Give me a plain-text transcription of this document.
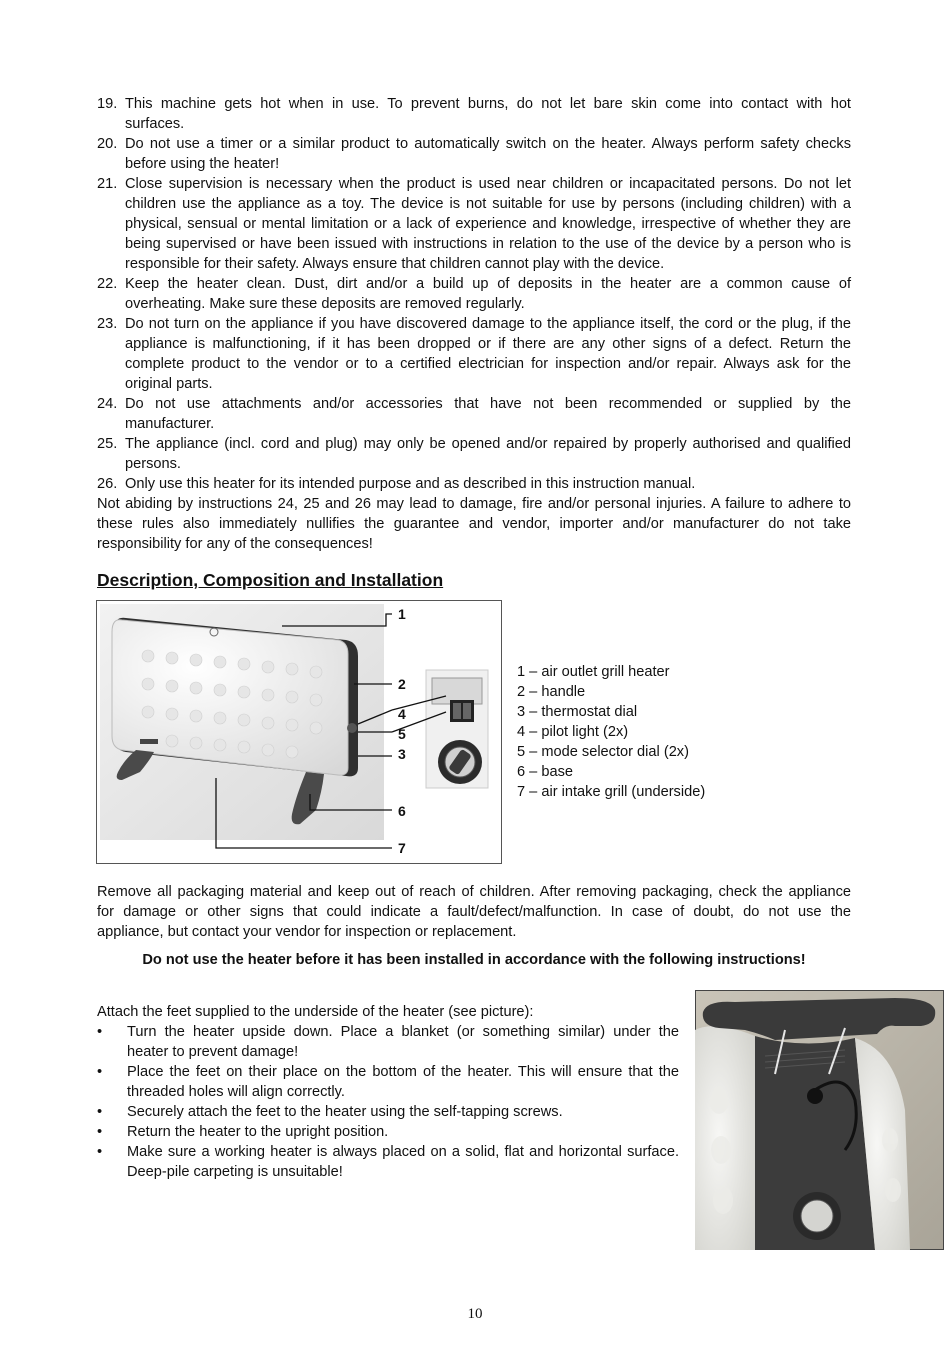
19. This machine gets hot when in use. To prevent burns, do not let bare skin come into contact with hot
surfaces.
20. Do not use a timer or a similar product to automatically switch on the heater. Always perform safety checks
before using the heater!
21. Close supervision is necessary when the product is used near children or incapacitated persons. Do not let
children use the appliance as a toy. The device is not suitable for use by persons (including children) with a
physical, sensual or mental limitation or a lack of experience and knowledge, irrespective of whether they are
being supervised or have been issued with instructions in relation to the use of the device by a person who is
responsible for their safety. Always ensure that children cannot play with the device.
22. Keep the heater clean. Dust, dirt and/or a build up of deposits in the heater are a common cause of
overheating. Make sure these deposits are removed regularly.
23. Do not turn on the appliance if you have discovered damage to the appliance itself, the cord or the plug, if the
appliance is malfunctioning, if it has been dropped or if there are any other signs of a defect. Return the
complete product to the vendor or to a certified electrician for inspection and/or repair. Always ask for the
original parts.
24. Do not use attachments and/or accessories that have not been recommended or supplied by the
manufacturer.
25. The appliance (incl. cord and plug) may only be opened and/or repaired by properly authorised and qualified
persons.
26. Only use this heater for its intended purpose and as described in this instruction manual.
Not abiding by instructions 24, 25 and 26 may lead to damage, fire and/or personal injuries. A failure to adhere to
these rules also immediately nullifies the guarantee and vendor, importer and/or manufacturer do not take
responsibility for any of the consequences!
Description, Composition and Installation
1
2
4
5
3
6
7
1 – air outlet grill heater
2 – handle
3 – thermostat dial
4 – pilot light (2x)
5 – mode selector dial (2x)
6 – base
7 – air intake grill (underside)
Remove all packaging material and keep out of reach of children. After removing packaging, check the appliance
for damage or other signs that could indicate a fault/defect/malfunction. In case of doubt, do not use the
appliance, but contact your vendor for inspection or replacement.
Do not use the heater before it has been installed in accordance with the following instructions!
Attach the feet supplied to the underside of the heater (see picture):
•	Turn the heater upside down. Place a blanket (or something similar) under the
heater to prevent damage!
•	Place the feet on their place on the bottom of the heater. This will ensure that the
threaded holes will align correctly.
•	Securely attach the feet to the heater using the self-tapping screws.
•	Return the heater to the upright position.
•	Make sure a working heater is always placed on a solid, flat and horizontal surface.
Deep-pile carpeting is unsuitable!
10
